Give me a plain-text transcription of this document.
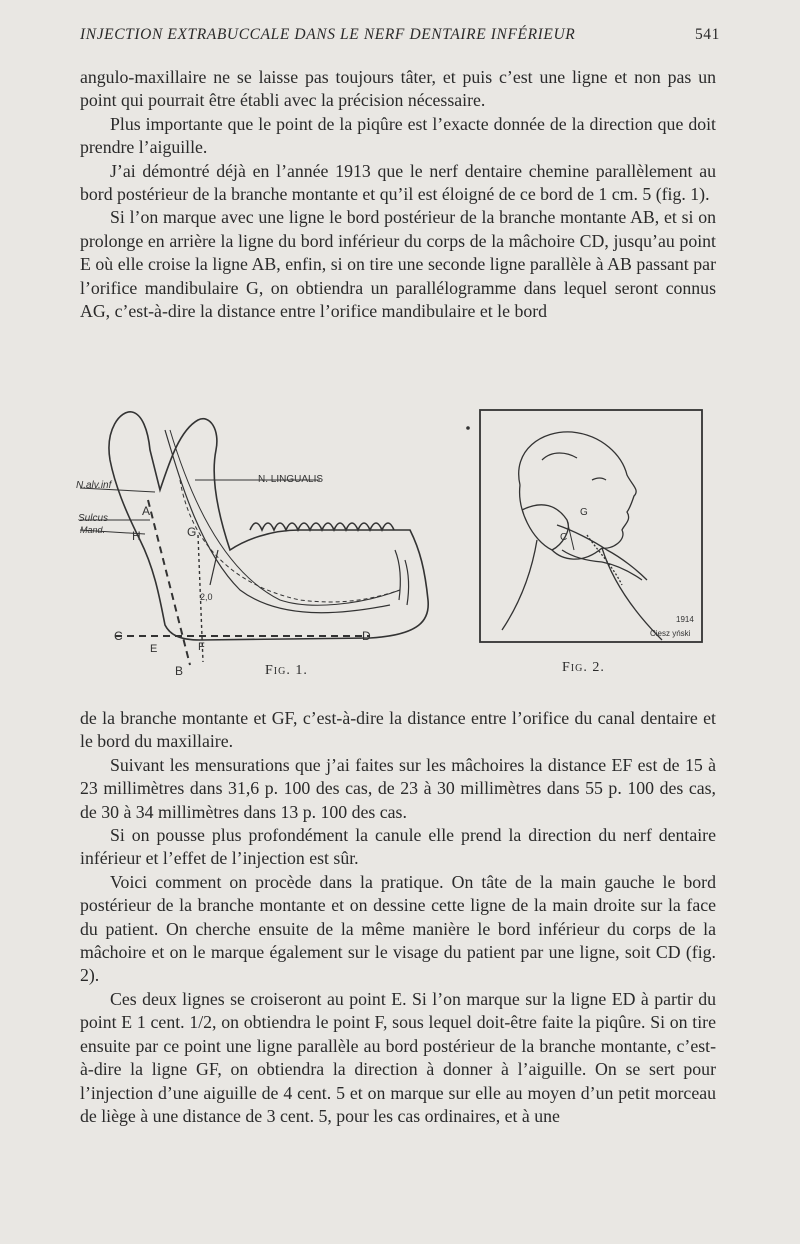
INJECTION EXTRABUCCALE DANS LE NERF DENTAIRE INFÉRIEUR	541

angulo-maxillaire ne se laisse pas toujours tâter, et puis c’est une ligne et non pas un point qui pourrait être établi avec la précision nécessaire.

Plus importante que le point de la piqûre est l’exacte donnée de la direction que doit prendre l’aiguille.

J’ai démontré déjà en l’année 1913 que le nerf dentaire chemine parallèlement au bord postérieur de la branche montante et qu’il est éloigné de ce bord de 1 cm. 5 (fig. 1).

Si l’on marque avec une ligne le bord postérieur de la branche montante AB, et si on prolonge en arrière la ligne du bord inférieur du corps de la mâchoire CD, jusqu’au point E où elle croise la ligne AB, enfin, si on tire une seconde ligne parallèle à AB passant par l’orifice mandibulaire G, on obtiendra un parallélogramme dans lequel seront connus AG, c’est-à-dire la distance entre l’orifice mandibulaire et le bord

N. LINGUALIS
N.alv.inf
Sulcus
Mand.
A
H	G
2,0
C
E	F
B
D
Fig. 1.
G
C
1914
Ciesz yński
Fig. 2.

de la branche montante et GF, c’est-à-dire la distance entre l’orifice du canal dentaire et le bord du maxillaire.

Suivant les mensurations que j’ai faites sur les mâchoires la distance EF est de 15 à 23 millimètres dans 31,6 p. 100 des cas, de 23 à 30 millimètres dans 55 p. 100 des cas, de 30 à 34 millimètres dans 13 p. 100 des cas.

Si on pousse plus profondément la canule elle prend la direction du nerf dentaire inférieur et l’effet de l’injection est sûr.

Voici comment on procède dans la pratique. On tâte de la main gauche le bord postérieur de la branche montante et on dessine cette ligne de la main droite sur la face du patient. On cherche ensuite de la même manière le bord inférieur du corps de la mâchoire et on le marque également sur le visage du patient par une ligne, soit CD (fig. 2).

Ces deux lignes se croiseront au point E. Si l’on marque sur la ligne ED à partir du point E 1 cent. 1/2, on obtiendra le point F, sous lequel doit-être faite la piqûre. Si on tire ensuite par ce point une ligne parallèle au bord postérieur de la branche montante, c’est-à-dire la ligne GF, on obtiendra la direction à donner à l’aiguille. On se sert pour l’injection d’une aiguille de 4 cent. 5 et on marque sur elle au moyen d’un petit morceau de liège à une distance de 3 cent. 5, pour les cas ordinaires, et à une
